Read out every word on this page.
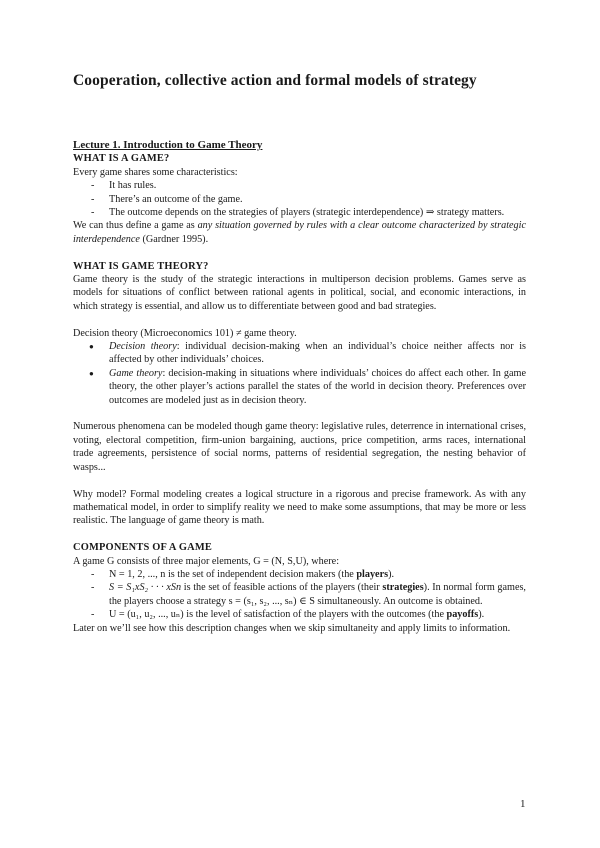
Cooperation, collective action and formal models of strategy

Lecture 1. Introduction to Game Theory

WHAT IS A GAME?

Every game shares some characteristics:

- It has rules.
- There’s an outcome of the game.
- The outcome depends on the strategies of players (strategic interdependence) ⇒ strategy matters.

We can thus define a game as any situation governed by rules with a clear outcome characterized by strategic interdependence (Gardner 1995).

WHAT IS GAME THEORY?

Game theory is the study of the strategic interactions in multiperson decision problems. Games serve as models for situations of conflict between rational agents in political, social, and economic interactions, in which strategy is essential, and allow us to differentiate between good and bad strategies.

Decision theory (Microeconomics 101) ≠ game theory.

● Decision theory: individual decision-making when an individual’s choice neither affects nor is affected by other individuals’ choices.
● Game theory: decision-making in situations where individuals’ choices do affect each other. In game theory, the other player’s actions parallel the states of the world in decision theory. Preferences over outcomes are modeled just as in decision theory.

Numerous phenomena can be modeled though game theory: legislative rules, deterrence in international crises, voting, electoral competition, firm-union bargaining, auctions, price competition, arms races, international trade agreements, persistence of social norms, patterns of residential segregation, the nesting behavior of wasps...

Why model? Formal modeling creates a logical structure in a rigorous and precise framework. As with any mathematical model, in order to simplify reality we need to make some assumptions, that may be more or less realistic. The language of game theory is math.

COMPONENTS OF A GAME

A game G consists of three major elements, G = (N, S,U), where:

- N = 1, 2, ..., n is the set of independent decision makers (the players).
- S = S₁xS₂ · · · xSn is the set of feasible actions of the players (their strategies). In normal form games, the players choose a strategy s = (s₁, s₂, ..., sₙ) ∈ S simultaneously. An outcome is obtained.
- U = (u₁, u₂, ..., uₙ) is the level of satisfaction of the players with the outcomes (the payoffs).

Later on we’ll see how this description changes when we skip simultaneity and apply limits to information.

1
